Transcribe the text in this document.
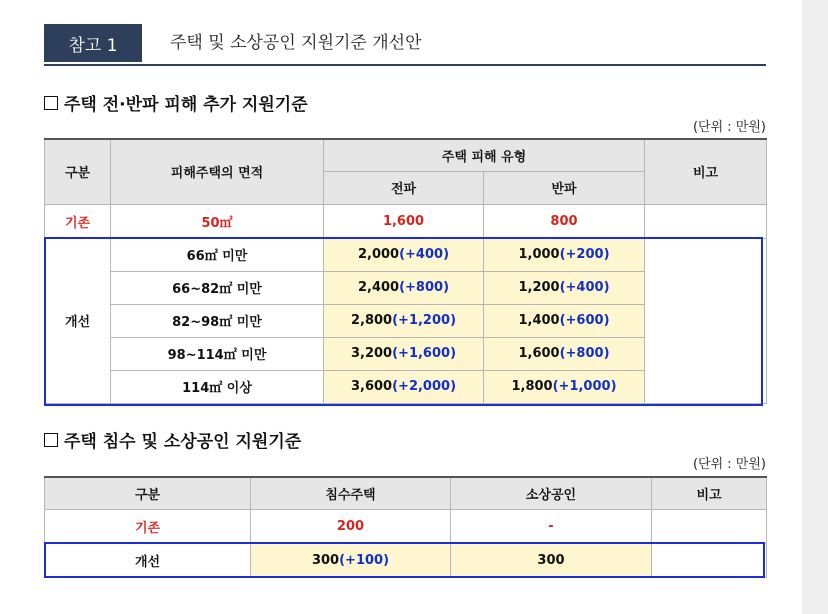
참고 1	주택 및 소상공인 지원기준 개선안
주택 전·반파 피해 추가 지원기준
(단위 : 만원)
구분	피해주택의 면적	주택 피해 유형		비고
		전파	반파	
기존	50㎡	1,600	800	
개선	66㎡ 미만	2,000(+400)	1,000(+200)	
	66~82㎡ 미만	2,400(+800)	1,200(+400)	
	82~98㎡ 미만	2,800(+1,200)	1,400(+600)	
	98~114㎡ 미만	3,200(+1,600)	1,600(+800)	
	114㎡ 이상	3,600(+2,000)	1,800(+1,000)	
주택 침수 및 소상공인 지원기준
(단위 : 만원)
구분	침수주택	소상공인	비고
기존	200	-	
개선	300(+100)	300	
